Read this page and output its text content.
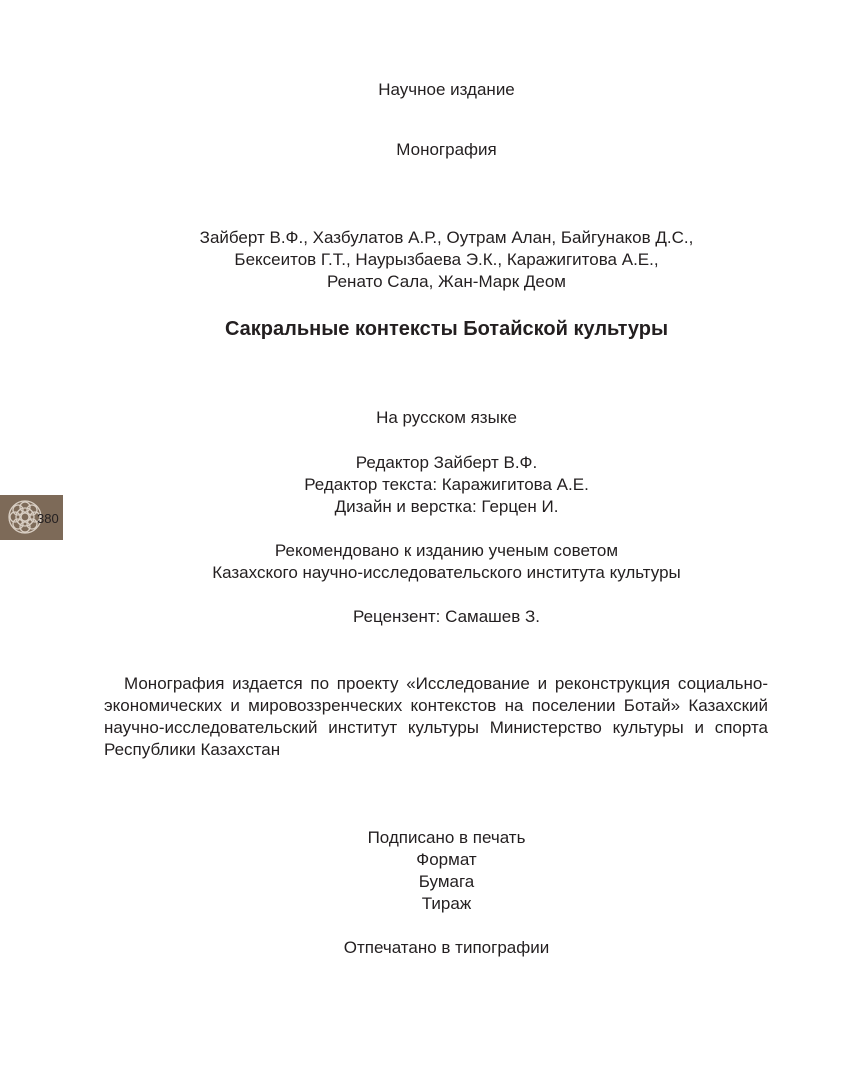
Научное издание
Монография
Зайберт В.Ф., Хазбулатов А.Р., Оутрам Алан, Байгунаков Д.С.,
Бексеитов Г.Т., Наурызбаева Э.К., Каражигитова А.Е.,
Ренато Сала, Жан-Марк Деом
Сакральные контексты Ботайской культуры
На русском языке
Редактор Зайберт В.Ф.
Редактор текста: Каражигитова А.Е.
Дизайн и верстка: Герцен И.
Рекомендовано к изданию ученым советом
Казахского научно-исследовательского института культуры
Рецензент: Самашев З.
Монография издается по проекту «Исследование и реконструкция социально-экономических и мировоззренческих контекстов на поселении Ботай» Казахский научно-исследовательский институт культуры Министерство культуры и спорта Республики Казахстан
Подписано в печать
Формат
Бумага
Тираж
Отпечатано в типографии
380
